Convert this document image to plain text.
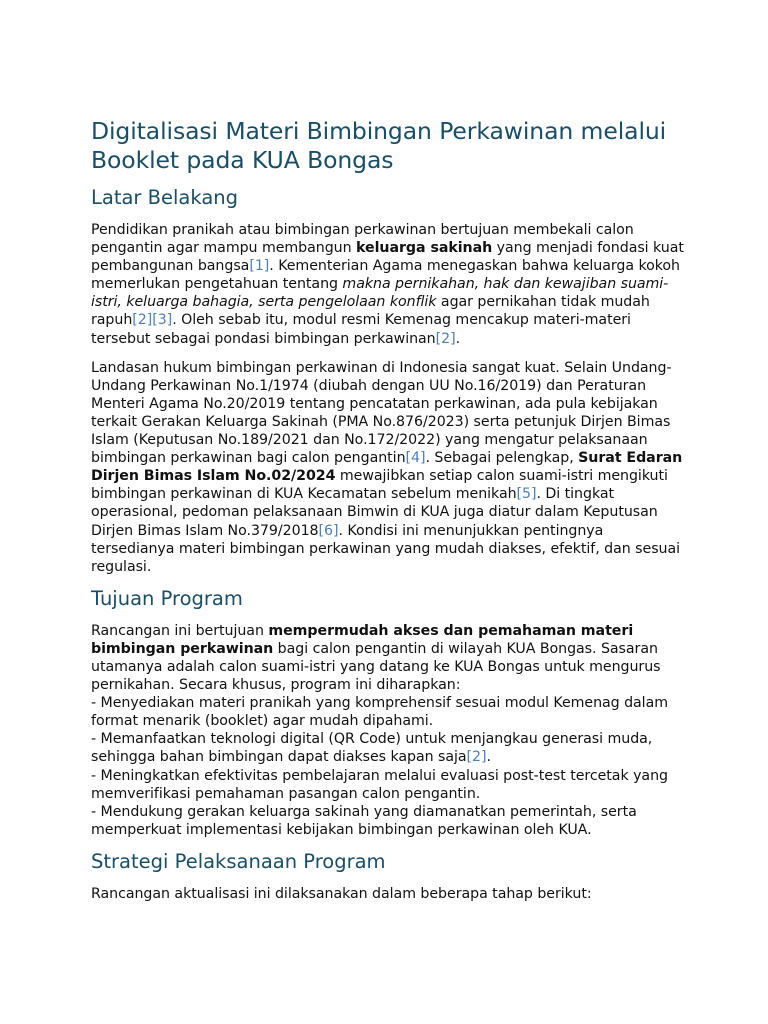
Digitalisasi Materi Bimbingan Perkawinan melalui Booklet pada KUA Bongas
Latar Belakang

Pendidikan pranikah atau bimbingan perkawinan bertujuan membekali calon pengantin agar mampu membangun keluarga sakinah yang menjadi fondasi kuat pembangunan bangsa[1]. Kementerian Agama menegaskan bahwa keluarga kokoh memerlukan pengetahuan tentang makna pernikahan, hak dan kewajiban suami-istri, keluarga bahagia, serta pengelolaan konflik agar pernikahan tidak mudah rapuh[2][3]. Oleh sebab itu, modul resmi Kemenag mencakup materi-materi tersebut sebagai pondasi bimbingan perkawinan[2].

Landasan hukum bimbingan perkawinan di Indonesia sangat kuat. Selain Undang-Undang Perkawinan No.1/1974 (diubah dengan UU No.16/2019) dan Peraturan Menteri Agama No.20/2019 tentang pencatatan perkawinan, ada pula kebijakan terkait Gerakan Keluarga Sakinah (PMA No.876/2023) serta petunjuk Dirjen Bimas Islam (Keputusan No.189/2021 dan No.172/2022) yang mengatur pelaksanaan bimbingan perkawinan bagi calon pengantin[4]. Sebagai pelengkap, Surat Edaran Dirjen Bimas Islam No.02/2024 mewajibkan setiap calon suami-istri mengikuti bimbingan perkawinan di KUA Kecamatan sebelum menikah[5]. Di tingkat operasional, pedoman pelaksanaan Bimwin di KUA juga diatur dalam Keputusan Dirjen Bimas Islam No.379/2018[6]. Kondisi ini menunjukkan pentingnya tersedianya materi bimbingan perkawinan yang mudah diakses, efektif, dan sesuai regulasi.

Tujuan Program

Rancangan ini bertujuan mempermudah akses dan pemahaman materi bimbingan perkawinan bagi calon pengantin di wilayah KUA Bongas. Sasaran utamanya adalah calon suami-istri yang datang ke KUA Bongas untuk mengurus pernikahan. Secara khusus, program ini diharapkan:
- Menyediakan materi pranikah yang komprehensif sesuai modul Kemenag dalam format menarik (booklet) agar mudah dipahami.
- Memanfaatkan teknologi digital (QR Code) untuk menjangkau generasi muda, sehingga bahan bimbingan dapat diakses kapan saja[2].
- Meningkatkan efektivitas pembelajaran melalui evaluasi post-test tercetak yang memverifikasi pemahaman pasangan calon pengantin.
- Mendukung gerakan keluarga sakinah yang diamanatkan pemerintah, serta memperkuat implementasi kebijakan bimbingan perkawinan oleh KUA.

Strategi Pelaksanaan Program

Rancangan aktualisasi ini dilaksanakan dalam beberapa tahap berikut:
